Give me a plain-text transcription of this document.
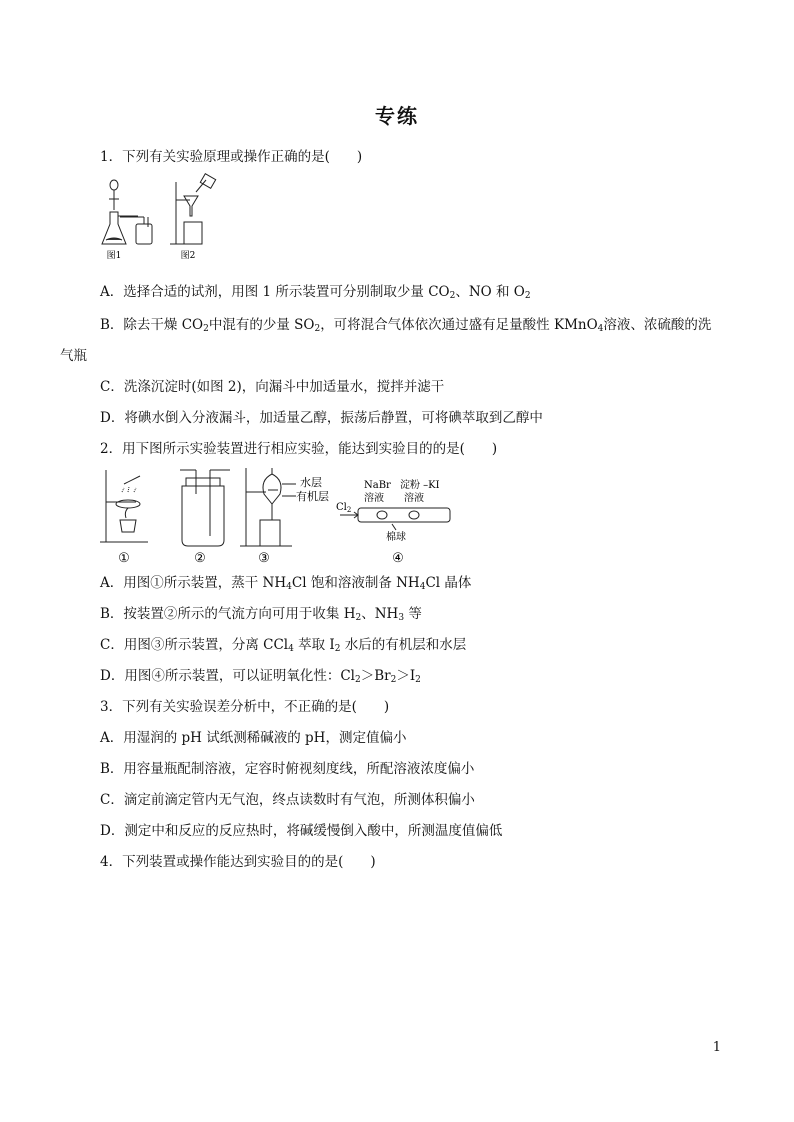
专练
1．下列有关实验原理或操作正确的是(　　)
图1	图2
A．选择合适的试剂，用图 1 所示装置可分别制取少量 $CO_2$、NO 和 $O_2$
B．除去干燥 $CO_2$中混有的少量 $SO_2$，可将混合气体依次通过盛有足量酸性 KMnO$_4$溶液、浓硫酸的洗
气瓶
C．洗涤沉淀时(如图 2)，向漏斗中加适量水，搅拌并滤干
D．将碘水倒入分液漏斗，加适量乙醇，振荡后静置，可将碘萃取到乙醇中
2．用下图所示实验装置进行相应实验，能达到实验目的的是(　　)
水层
有机层
NaBr
溶液
淀粉 –KI
溶液
$Cl_2$
棉球
①	②	③	④
A．用图①所示装置，蒸干 $NH_4Cl$ 饱和溶液制备 $NH_4Cl$ 晶体
B．按装置②所示的气流方向可用于收集 $H_2$、$NH_3$ 等
C．用图③所示装置，分离 CCl$_4$ 萃取 $I_2$ 水后的有机层和水层
D．用图④所示装置，可以证明氧化性：$Cl_2>Br_2>I_2$
3．下列有关实验误差分析中，不正确的是(　　)
A．用湿润的 pH 试纸测稀碱液的 pH，测定值偏小
B．用容量瓶配制溶液，定容时俯视刻度线，所配溶液浓度偏小
C．滴定前滴定管内无气泡，终点读数时有气泡，所测体积偏小
D．测定中和反应的反应热时，将碱缓慢倒入酸中，所测温度值偏低
4．下列装置或操作能达到实验目的的是(　　)
1
